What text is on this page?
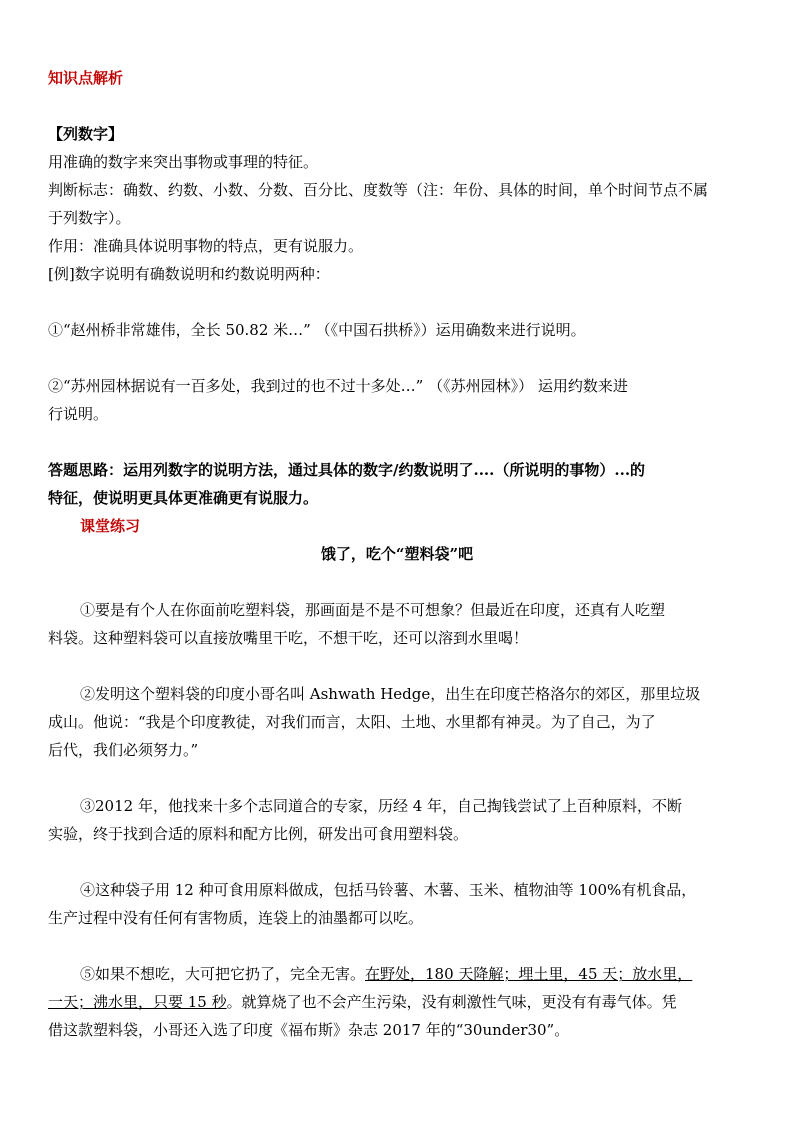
知识点解析

【列数字】

用准确的数字来突出事物或事理的特征。

判断标志：确数、约数、小数、分数、百分比、度数等（注：年份、具体的时间，单个时间节点不属

于列数字）。

作用：准确具体说明事物的特点，更有说服力。

[例]数字说明有确数说明和约数说明两种：

①“赵州桥非常雄伟，全长 50.82 米…” （《中国石拱桥》）运用确数来进行说明。

②“苏州园林据说有一百多处，我到过的也不过十多处…” （《苏州园林》） 运用约数来进

行说明。

答题思路：运用列数字的说明方法，通过具体的数字/约数说明了....（所说明的事物）...的

特征，使说明更具体更准确更有说服力。

课堂练习

饿了，吃个“塑料袋”吧

①要是有个人在你面前吃塑料袋，那画面是不是不可想象？但最近在印度，还真有人吃塑

料袋。这种塑料袋可以直接放嘴里干吃，不想干吃，还可以溶到水里喝！

②发明这个塑料袋的印度小哥名叫 Ashwath Hedge，出生在印度芒格洛尔的郊区，那里垃圾

成山。他说：“我是个印度教徒，对我们而言，太阳、土地、水里都有神灵。为了自己，为了

后代，我们必须努力。”

③2012 年，他找来十多个志同道合的专家，历经 4 年，自己掏钱尝试了上百种原料，不断

实验，终于找到合适的原料和配方比例，研发出可食用塑料袋。

④这种袋子用 12 种可食用原料做成，包括马铃薯、木薯、玉米、植物油等 100%有机食品，

生产过程中没有任何有害物质，连袋上的油墨都可以吃。

⑤如果不想吃，大可把它扔了，完全无害。在野处，180 天降解；埋土里，45 天；放水里，

一天；沸水里，只要 15 秒。就算烧了也不会产生污染，没有刺激性气味，更没有有毒气体。凭

借这款塑料袋，小哥还入选了印度《福布斯》杂志 2017 年的“30under30”。
